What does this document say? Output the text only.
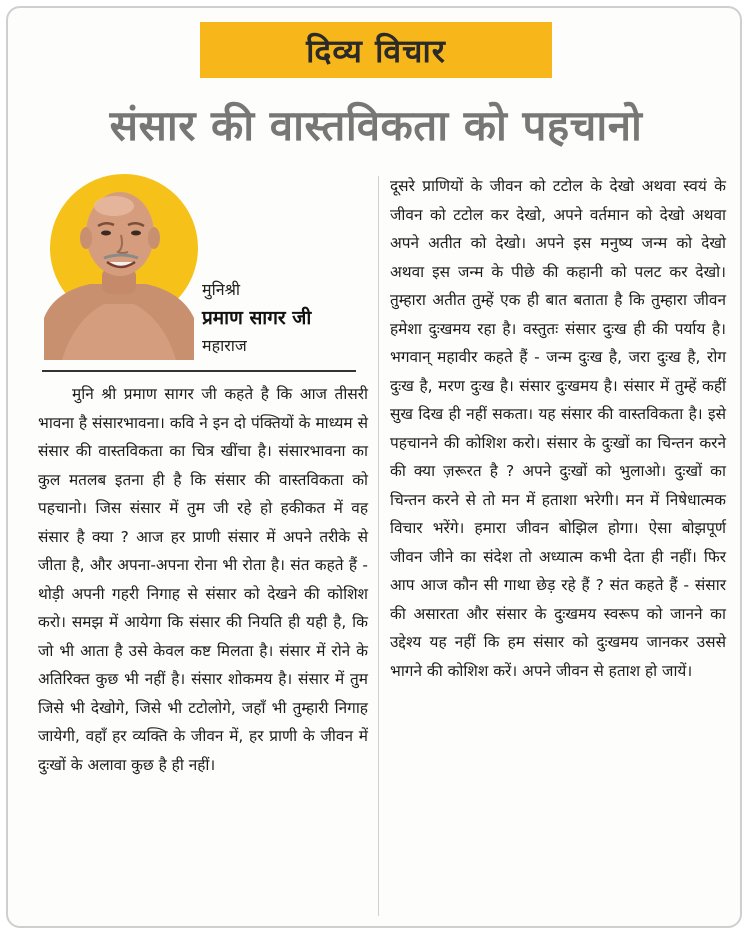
दिव्य विचार
संसार की वास्तविकता को पहचानो

मुनिश्री

प्रमाण सागर जी

महाराज

मुनि श्री प्रमाण सागर जी कहते है कि आज तीसरी भावना है संसारभावना। कवि ने इन दो पंक्तियों के माध्यम से संसार की वास्तविकता का चित्र खींचा है। संसारभावना का कुल मतलब इतना ही है कि संसार की वास्तविकता को पहचानो। जिस संसार में तुम जी रहे हो हकीकत में वह संसार है क्या ? आज हर प्राणी संसार में अपने तरीके से जीता है, और अपना-अपना रोना भी रोता है। संत कहते हैं - थोड़ी अपनी गहरी निगाह से संसार को देखने की कोशिश करो। समझ में आयेगा कि संसार की नियति ही यही है, कि जो भी आता है उसे केवल कष्ट मिलता है। संसार में रोने के अतिरिक्त कुछ भी नहीं है। संसार शोकमय है। संसार में तुम जिसे भी देखोगे, जिसे भी टटोलोगे, जहाँ भी तुम्हारी निगाह जायेगी, वहाँ हर व्यक्ति के जीवन में, हर प्राणी के जीवन में दुःखों के अलावा कुछ है ही नहीं।

दूसरे प्राणियों के जीवन को टटोल के देखो अथवा स्वयं के जीवन को टटोल कर देखो, अपने वर्तमान को देखो अथवा अपने अतीत को देखो। अपने इस मनुष्य जन्म को देखो अथवा इस जन्म के पीछे की कहानी को पलट कर देखो। तुम्हारा अतीत तुम्हें एक ही बात बताता है कि तुम्हारा जीवन हमेशा दुःखमय रहा है। वस्तुतः संसार दुःख ही की पर्याय है। भगवान् महावीर कहते हैं - जन्म दुःख है, जरा दुःख है, रोग दुःख है, मरण दुःख है। संसार दुःखमय है। संसार में तुम्हें कहीं सुख दिख ही नहीं सकता। यह संसार की वास्तविकता है। इसे पहचानने की कोशिश करो। संसार के दुःखों का चिन्तन करने की क्या ज़रूरत है ? अपने दुःखों को भुलाओ। दुःखों का चिन्तन करने से तो मन में हताशा भरेगी। मन में निषेधात्मक विचार भरेंगे। हमारा जीवन बोझिल होगा। ऐसा बोझपूर्ण जीवन जीने का संदेश तो अध्यात्म कभी देता ही नहीं। फिर आप आज कौन सी गाथा छेड़ रहे हैं ? संत कहते हैं - संसार की असारता और संसार के दुःखमय स्वरूप को जानने का उद्देश्य यह नहीं कि हम संसार को दुःखमय जानकर उससे भागने की कोशिश करें। अपने जीवन से हताश हो जायें।
